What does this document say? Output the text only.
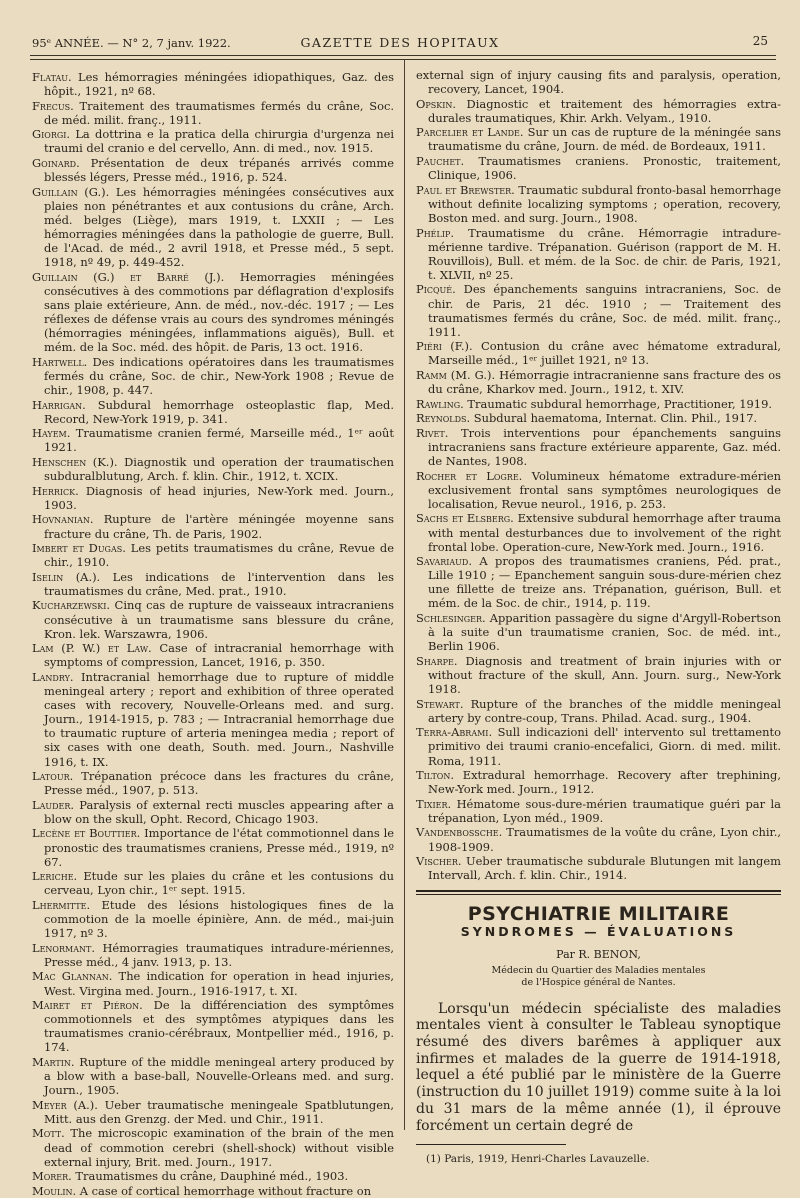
95ᵉ ANNÉE. — N° 2, 7 janv. 1922.	GAZETTE DES HOPITAUX	25

Flatau. Les hémorragies méningées idiopathiques, Gaz. des hôpit., 1921, nº 68.

Frecus. Traitement des traumatismes fermés du crâne, Soc. de méd. milit. franç., 1911.

Giorgi. La dottrina e la pratica della chirurgia d'urgenza nei traumi del cranio e del cervello, Ann. di med., nov. 1915.

Goinard. Présentation de deux trépanés arrivés comme blessés légers, Presse méd., 1916, p. 524.

Guillain (G.). Les hémorragies méningées consécutives aux plaies non pénétrantes et aux contusions du crâne, Arch. méd. belges (Liège), mars 1919, t. LXXII ; — Les hémorragies méningées dans la pathologie de guerre, Bull. de l'Acad. de méd., 2 avril 1918, et Presse méd., 5 sept. 1918, nº 49, p. 449-452.

Guillain (G.) et Barré (J.). Hemorragies méningées consécutives à des commotions par déflagration d'explosifs sans plaie extérieure, Ann. de méd., nov.-déc. 1917 ; — Les réflexes de défense vrais au cours des syndromes méningés (hémorragies méningées, inflammations aiguës), Bull. et mém. de la Soc. méd. des hôpit. de Paris, 13 oct. 1916.

Hartwell. Des indications opératoires dans les traumatismes fermés du crâne, Soc. de chir., New-York 1908 ; Revue de chir., 1908, p. 447.

Harrigan. Subdural hemorrhage osteoplastic flap, Med. Record, New-York 1919, p. 341.

Hayem. Traumatisme cranien fermé, Marseille méd., 1ᵉʳ août 1921.

Henschen (K.). Diagnostik und operation der traumatischen subduralblutung, Arch. f. klin. Chir., 1912, t. XCIX.

Herrick. Diagnosis of head injuries, New-York med. Journ., 1903.

Hovnanian. Rupture de l'artère méningée moyenne sans fracture du crâne, Th. de Paris, 1902.

Imbert et Dugas. Les petits traumatismes du crâne, Revue de chir., 1910.

Iselin (A.). Les indications de l'intervention dans les traumatismes du crâne, Med. prat., 1910.

Kucharzewski. Cinq cas de rupture de vaisseaux intracraniens consécutive à un traumatisme sans blessure du crâne, Kron. lek. Warszawra, 1906.

Lam (P. W.) et Law. Case of intracranial hemorrhage with symptoms of compression, Lancet, 1916, p. 350.

Landry. Intracranial hemorrhage due to rupture of middle meningeal artery ; report and exhibition of three operated cases with recovery, Nouvelle-Orleans med. and surg. Journ., 1914-1915, p. 783 ; — Intracranial hemorrhage due to traumatic rupture of arteria meningea media ; report of six cases with one death, South. med. Journ., Nashville 1916, t. IX.

Latour. Trépanation précoce dans les fractures du crâne, Presse méd., 1907, p. 513.

Lauder. Paralysis of external recti muscles appearing after a blow on the skull, Opht. Record, Chicago 1903.

Lecène et Bouttier. Importance de l'état commotionnel dans le pronostic des traumatismes craniens, Presse méd., 1919, nº 67.

Leriche. Etude sur les plaies du crâne et les contusions du cerveau, Lyon chir., 1ᵉʳ sept. 1915.

Lhermitte. Etude des lésions histologiques fines de la commotion de la moelle épinière, Ann. de méd., mai-juin 1917, nº 3.

Lenormant. Hémorragies traumatiques intradure-mériennes, Presse méd., 4 janv. 1913, p. 13.

Mac Glannan. The indication for operation in head injuries, West. Virgina med. Journ., 1916-1917, t. XI.

Mairet et Piéron. De la différenciation des symptômes commotionnels et des symptômes atypiques dans les traumatismes cranio-cérébraux, Montpellier méd., 1916, p. 174.

Martin. Rupture of the middle meningeal artery produced by a blow with a base-ball, Nouvelle-Orleans med. and surg. Journ., 1905.

Meyer (A.). Ueber traumatische meningeale Spatblutungen, Mitt. aus den Grenzg. der Med. und Chir., 1911.

Mott. The microscopic examination of the brain of the men dead of commotion cerebri (shell-shock) without visible external injury, Brit. med. Journ., 1917.

Morer. Traumatismes du crâne, Dauphiné méd., 1903.

Moulin. A case of cortical hemorrhage without fracture on

external sign of injury causing fits and paralysis, operation, recovery, Lancet, 1904.

Opskin. Diagnostic et traitement des hémorragies extra-durales traumatiques, Khir. Arkh. Velyam., 1910.

Parcelier et Lande. Sur un cas de rupture de la méningée sans traumatisme du crâne, Journ. de méd. de Bordeaux, 1911.

Pauchet. Traumatismes craniens. Pronostic, traitement, Clinique, 1906.

Paul et Brewster. Traumatic subdural fronto-basal hemorrhage without definite localizing symptoms ; operation, recovery, Boston med. and surg. Journ., 1908.

Phélip. Traumatisme du crâne. Hémorragie intradure-mérienne tardive. Trépanation. Guérison (rapport de M. H. Rouvillois), Bull. et mém. de la Soc. de chir. de Paris, 1921, t. XLVII, nº 25.

Picqué. Des épanchements sanguins intracraniens, Soc. de chir. de Paris, 21 déc. 1910 ; — Traitement des traumatismes fermés du crâne, Soc. de méd. milit. franç., 1911.

Piéri (F.). Contusion du crâne avec hématome extradural, Marseille méd., 1ᵉʳ juillet 1921, nº 13.

Ramm (M. G.). Hémorragie intracranienne sans fracture des os du crâne, Kharkov med. Journ., 1912, t. XIV.

Rawling. Traumatic subdural hemorrhage, Practitioner, 1919.

Reynolds. Subdural haematoma, Internat. Clin. Phil., 1917.

Rivet. Trois interventions pour épanchements sanguins intracraniens sans fracture extérieure apparente, Gaz. méd. de Nantes, 1908.

Rocher et Logre. Volumineux hématome extradure-mérien exclusivement frontal sans symptômes neurologiques de localisation, Revue neurol., 1916, p. 253.

Sachs et Elsberg. Extensive subdural hemorrhage after trauma with mental desturbances due to involvement of the right frontal lobe. Operation-cure, New-York med. Journ., 1916.

Savariaud. A propos des traumatismes craniens, Péd. prat., Lille 1910 ; — Epanchement sanguin sous-dure-mérien chez une fillette de treize ans. Trépanation, guérison, Bull. et mém. de la Soc. de chir., 1914, p. 119.

Schlesinger. Apparition passagère du signe d'Argyll-Robertson à la suite d'un traumatisme cranien, Soc. de méd. int., Berlin 1906.

Sharpe. Diagnosis and treatment of brain injuries with or without fracture of the skull, Ann. Journ. surg., New-York 1918.

Stewart. Rupture of the branches of the middle meningeal artery by contre-coup, Trans. Philad. Acad. surg., 1904.

Terra-Abrami. Sull indicazioni dell' intervento sul trettamento primitivo dei traumi cranio-encefalici, Giorn. di med. milit. Roma, 1911.

Tilton. Extradural hemorrhage. Recovery after trephining, New-York med. Journ., 1912.

Tixier. Hématome sous-dure-mérien traumatique guéri par la trépanation, Lyon méd., 1909.

Vandenbossche. Traumatismes de la voûte du crâne, Lyon chir., 1908-1909.

Vischer. Ueber traumatische subdurale Blutungen mit langem Intervall, Arch. f. klin. Chir., 1914.

PSYCHIATRIE MILITAIRE
SYNDROMES — ÉVALUATIONS
Par R. BENON,
Médecin du Quartier des Maladies mentales
de l'Hospice général de Nantes.

Lorsqu'un médecin spécialiste des maladies mentales vient à consulter le Tableau synoptique résumé des divers barêmes à appliquer aux infirmes et malades de la guerre de 1914-1918, lequel a été publié par le ministère de la Guerre (instruction du 10 juillet 1919) comme suite à la loi du 31 mars de la même année (1), il éprouve forcément un certain degré de

(1) Paris, 1919, Henri-Charles Lavauzelle.
